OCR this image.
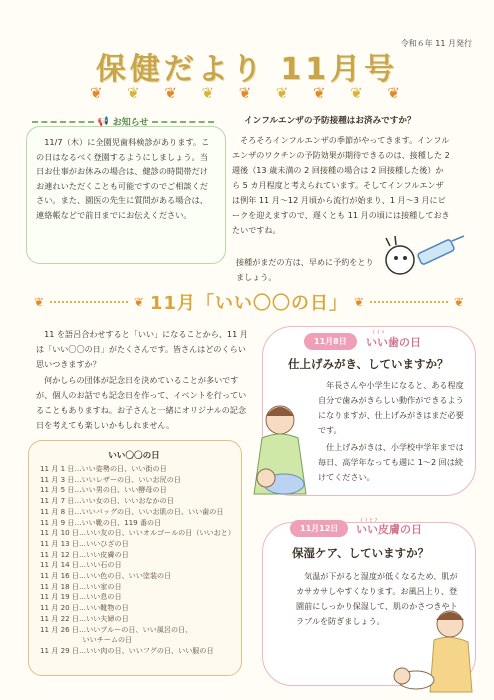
令和６年 11 月発行
保健だより 11月号
❦ ❦ ❦ ❦ ❦ ❦ ❦ ❦ ❦
📢 お知らせ
11/7（木）に全園児歯科検診があります。この日はなるべく登園するようにしましょう。当日お仕事がお休みの場合は、健診の時間帯だけお連れいただくことも可能ですのでご相談ください。また、園医の先生に質問がある場合は、連絡帳などで前日までにお伝えください。
インフルエンザの予防接種はお済みですか？
そろそろインフルエンザの季節がやってきます。インフルエンザのワクチンの予防効果が期待できるのは、接種した 2 週後（13 歳未満の 2 回接種の場合は 2 回接種した後）から 5 カ月程度と考えられています。そしてインフルエンザは例年 11 月～12 月頃から流行が始まり、1 月～3 月にピークを迎えますので、遅くとも 11 月の頃には接種しておきたいですね。
接種がまだの方は、早めに予約をとりましょう。
❦	❦ 11月「いい〇〇の日」 ❦	❦

11 を語呂合わせすると「いい」になることから、11 月は「いい〇〇の日」がたくさんです。皆さんはどのくらい思いつきますか？

何かしらの団体が記念日を決めていることが多いですが、個人のお話でも記念日を作って、イベントを行っていることもありますね。お子さんと一緒にオリジナルの記念日を考えても楽しいかもしれません。

いい〇〇の日
11 月 1 日…いい姿勢の日、いい街の日
11 月 3 日…いいレザーの日、いいお尻の日
11 月 5 日…いい男の日、いい酵母の日
11 月 7 日…いい女の日、いいおなかの日
11 月 8 日…いいバッグの日、いいお肌の日、いい歯の日
11 月 9 日…いい靴の日、119 番の日
11 月 10 日…いい友の日、いいオルゴールの日（いいおと）
11 月 13 日…いいひざの日
11 月 12 日…いい皮膚の日
11 月 14 日…いい石の日
11 月 16 日…いい色の日、いい塗装の日
11 月 18 日…いい家の日
11 月 19 日…いい息の日
11 月 20 日…いい靴物の日
11 月 22 日…いい夫婦の日
11 月 26 日…いいブルーの日、いい風呂の日、
　　　　　　いいチームの日
11 月 29 日…いい肉の日、いいフグの日、いい服の日
11月8日
ｲｲﾊ
いい歯の日
仕上げみがき、していますか？
年長さんや小学生になると、ある程度自分で歯みがきらしい動作ができるようになりますが、仕上げみがきはまだ必要です。
仕上げみがきは、小学校中学年までは毎日、高学年なっても週に 1～2 回は続けてください。
11月12日
ｲｲﾋﾌ
いい皮膚の日
保湿ケア、していますか？
気温が下がると湿度が低くなるため、肌がカサカサしやすくなります。お風呂上り、登園前にしっかり保湿して、肌のかさつきやトラブルを防ぎましょう。
